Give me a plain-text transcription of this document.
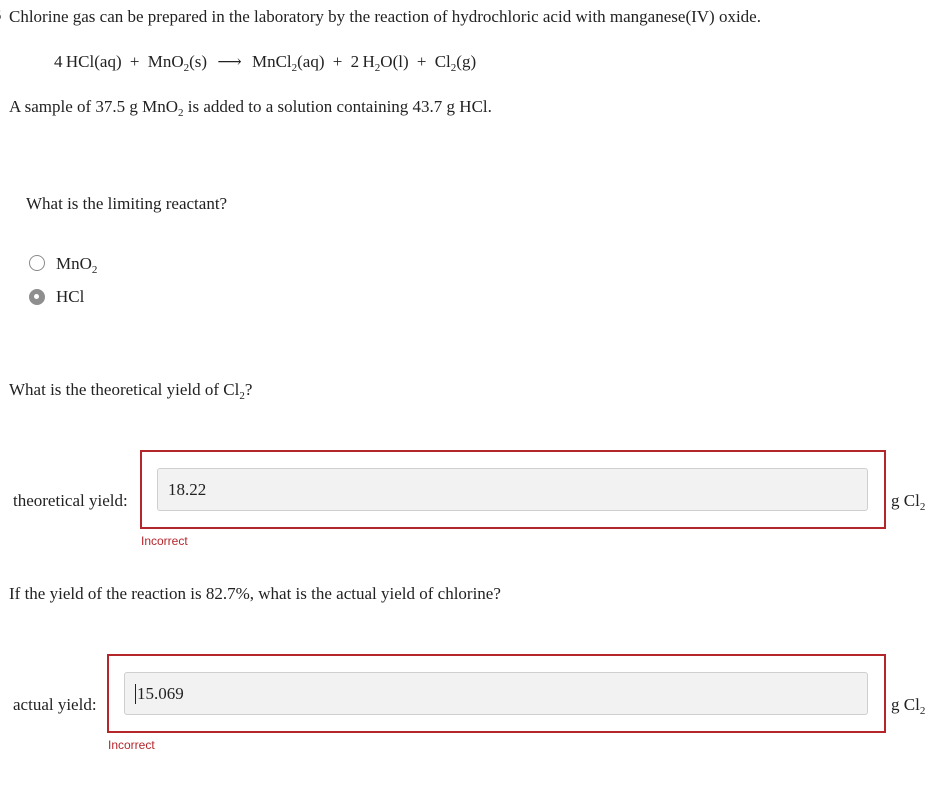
Chlorine gas can be prepared in the laboratory by the reaction of hydrochloric acid with manganese(IV) oxide.
4 HCl(aq) + MnO$_2$(s) ⟶ MnCl$_2$(aq) + 2 $H_2O(l) + Cl_2(g)$
A sample of 37.5 g MnO$_2$ is added to a solution containing 43.7 g HCl.
What is the limiting reactant?
MnO$_2$
HCl
What is the theoretical yield of $Cl_2$?
theoretical yield:
18.22
g $Cl_2$
Incorrect
If the yield of the reaction is 82.7%, what is the actual yield of chlorine?
actual yield:
15.069
g $Cl_2$
Incorrect
